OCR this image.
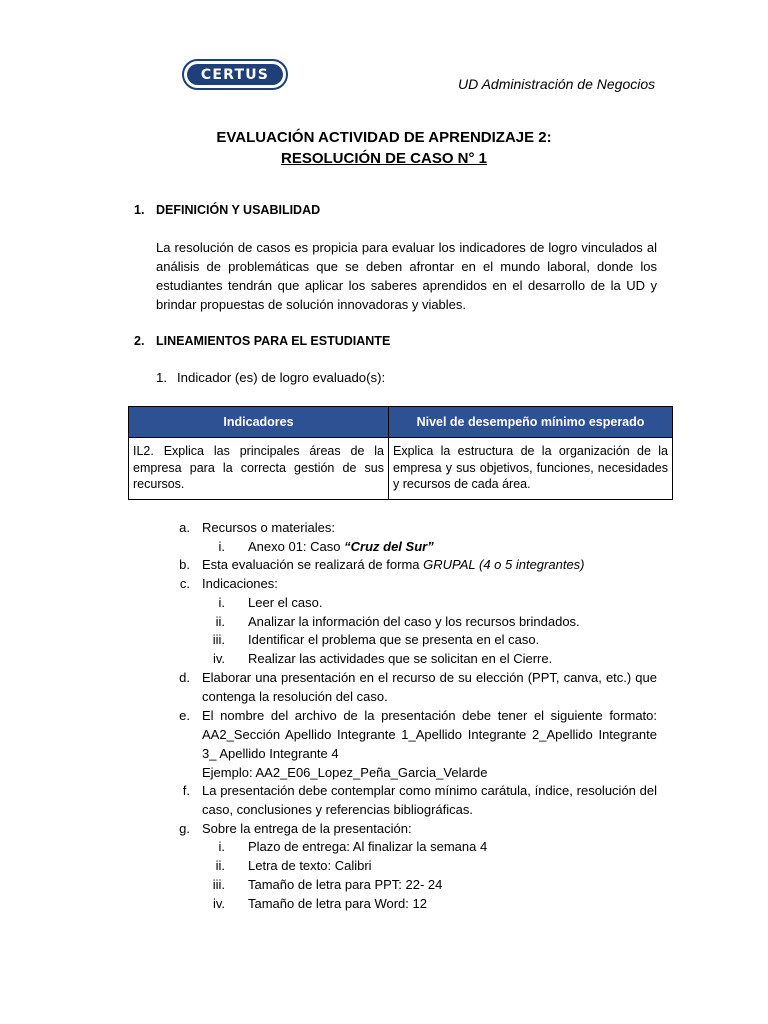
CERTUS
UD Administración de Negocios
EVALUACIÓN ACTIVIDAD DE APRENDIZAJE 2:
RESOLUCIÓN DE CASO N° 1
1. DEFINICIÓN Y USABILIDAD
La resolución de casos es propicia para evaluar los indicadores de logro vinculados al análisis de problemáticas que se deben afrontar en el mundo laboral, donde los estudiantes tendrán que aplicar los saberes aprendidos en el desarrollo de la UD y brindar propuestas de solución innovadoras y viables.
2. LINEAMIENTOS PARA EL ESTUDIANTE
1. Indicador (es) de logro evaluado(s):
Indicadores	Nivel de desempeño mínimo esperado
IL2. Explica las principales áreas de la empresa para la correcta gestión de sus recursos.	Explica la estructura de la organización de la empresa y sus objetivos, funciones, necesidades y recursos de cada área.
a. Recursos o materiales:
i. Anexo 01: Caso “Cruz del Sur”
b. Esta evaluación se realizará de forma GRUPAL (4 o 5 integrantes)
c. Indicaciones:
i. Leer el caso.
ii. Analizar la información del caso y los recursos brindados.
iii. Identificar el problema que se presenta en el caso.
iv. Realizar las actividades que se solicitan en el Cierre.
d. Elaborar una presentación en el recurso de su elección (PPT, canva, etc.) que contenga la resolución del caso.
e. El nombre del archivo de la presentación debe tener el siguiente formato: AA2_Sección Apellido Integrante 1_Apellido Integrante 2_Apellido Integrante 3_ Apellido Integrante 4
Ejemplo: AA2_E06_Lopez_Peña_Garcia_Velarde
f. La presentación debe contemplar como mínimo carátula, índice, resolución del caso, conclusiones y referencias bibliográficas.
g. Sobre la entrega de la presentación:
i. Plazo de entrega: Al finalizar la semana 4
ii. Letra de texto: Calibri
iii. Tamaño de letra para PPT: 22- 24
iv. Tamaño de letra para Word: 12
